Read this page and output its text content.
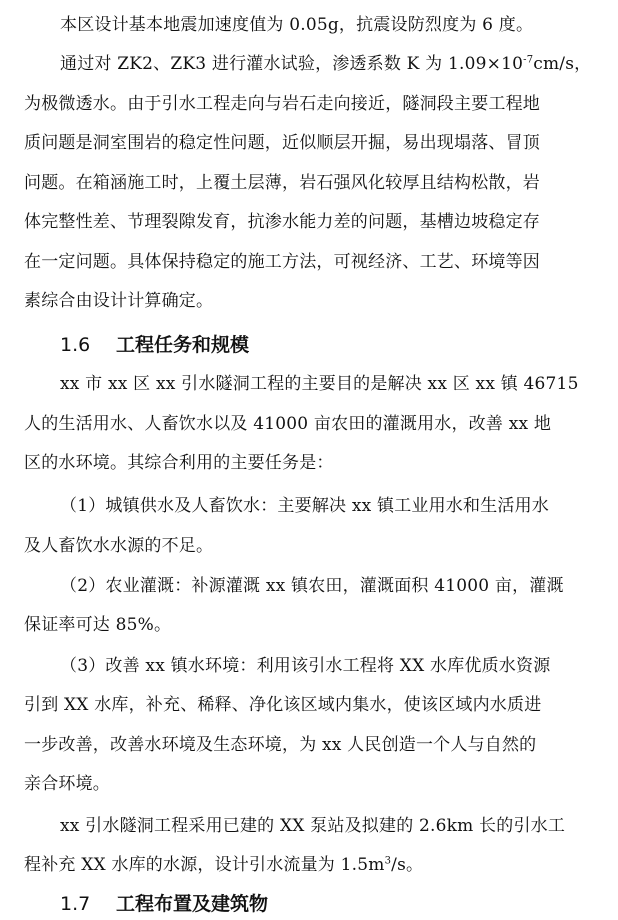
本区设计基本地震加速度值为 0.05g，抗震设防烈度为 6 度。
通过对 ZK2、ZK3 进行灌水试验，渗透系数 K 为 $1.09\times 10^{-7}cm/s$，
为极微透水。由于引水工程走向与岩石走向接近，隧洞段主要工程地
质问题是洞室围岩的稳定性问题，近似顺层开掘，易出现塌落、冒顶
问题。在箱涵施工时，上覆土层薄，岩石强风化较厚且结构松散，岩
体完整性差、节理裂隙发育，抗渗水能力差的问题，基槽边坡稳定存
在一定问题。具体保持稳定的施工方法，可视经济、工艺、环境等因
素综合由设计计算确定。
1.6 工程任务和规模
xx 市 xx 区 xx 引水隧洞工程的主要目的是解决 xx 区 xx 镇 46715
人的生活用水、人畜饮水以及 41000 亩农田的灌溉用水，改善 xx 地
区的水环境。其综合利用的主要任务是：
（1）城镇供水及人畜饮水：主要解决 xx 镇工业用水和生活用水
及人畜饮水水源的不足。
（2）农业灌溉：补源灌溉 xx 镇农田，灌溉面积 41000 亩，灌溉
保证率可达 85%。
（3）改善 xx 镇水环境：利用该引水工程将 XX 水库优质水资源
引到 XX 水库，补充、稀释、净化该区域内集水，使该区域内水质进
一步改善，改善水环境及生态环境，为 xx 人民创造一个人与自然的
亲合环境。
xx 引水隧洞工程采用已建的 XX 泵站及拟建的 2.6km 长的引水工
程补充 XX 水库的水源，设计引水流量为 $1.5m^3/s$。
1.7 工程布置及建筑物
